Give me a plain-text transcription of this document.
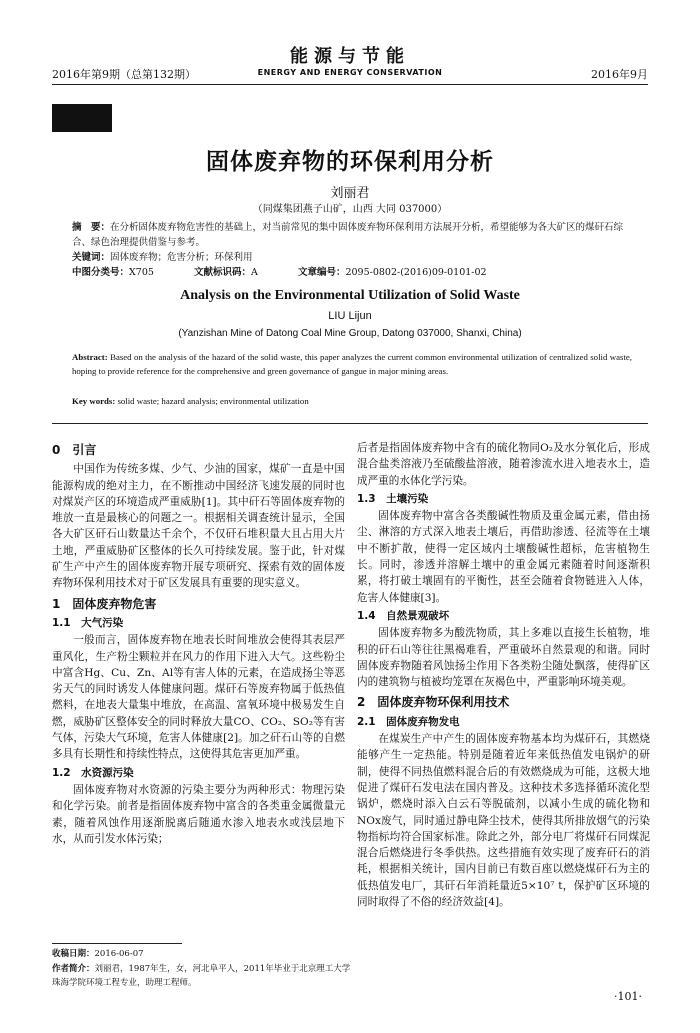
2016年第9期（总第132期）
能源与节能
ENERGY AND ENERGY CONSERVATION	2016年9月
固体废弃物的环保利用分析
刘丽君
（同煤集团燕子山矿，山西 大同 037000）
摘　要：在分析固体废弃物危害性的基础上，对当前常见的集中固体废弃物环保利用方法展开分析，希望能够为各大矿区的煤矸石综合、绿色治理提供借鉴与参考。
关键词：固体废弃物；危害分析；环保利用
中图分类号：X705	文献标识码：A	文章编号：2095-0802-(2016)09-0101-02
Analysis on the Environmental Utilization of Solid Waste
LIU Lijun
(Yanzishan Mine of Datong Coal Mine Group, Datong 037000, Shanxi, China)
Abstract: Based on the analysis of the hazard of the solid waste, this paper analyzes the current common environmental utilization of centralized solid waste, hoping to provide reference for the comprehensive and green governance of gangue in major mining areas.
Key words: solid waste; hazard analysis; environmental utilization
0　引言

中国作为传统多煤、少气、少油的国家，煤矿一直是中国能源构成的绝对主力，在不断推动中国经济飞速发展的同时也对煤炭产区的环境造成严重威胁[1]。其中矸石等固体废弃物的堆放一直是最核心的问题之一。根据相关调查统计显示，全国各大矿区矸石山数量达千余个，不仅矸石堆积量大且占用大片土地，严重威胁矿区整体的长久可持续发展。鉴于此，针对煤矿生产中产生的固体废弃物开展专项研究、探索有效的固体废弃物环保利用技术对于矿区发展具有重要的现实意义。

1　固体废弃物危害
1.1　大气污染

一般而言，固体废弃物在地表长时间堆放会使得其表层严重风化，生产粉尘颗粒并在风力的作用下进入大气。这些粉尘中富含Hg、Cu、Zn、Al等有害人体的元素，在造成扬尘等恶劣天气的同时诱发人体健康问题。煤矸石等废弃物属于低热值燃料，在地表大量集中堆放，在高温、富氧环境中极易发生自燃，威胁矿区整体安全的同时释放大量CO、CO₂、SO₂等有害气体，污染大气环境，危害人体健康[2]。加之矸石山等的自燃多具有长期性和持续性特点，这使得其危害更加严重。

1.2　水资源污染

固体废弃物对水资源的污染主要分为两种形式：物理污染和化学污染。前者是指固体废弃物中富含的各类重金属微量元素，随着风蚀作用逐渐脱离后随通水渗入地表水或浅层地下水，从而引发水体污染；

后者是指固体废弃物中含有的硫化物同O₂及水分氧化后，形成混合盐类溶液乃至硫酸盐溶液，随着渗流水进入地表水土，造成严重的水体化学污染。

1.3　土壤污染

固体废弃物中富含各类酸碱性物质及重金属元素，借由扬尘、淋溶的方式深入地表土壤后，再借助渗透、径流等在土壤中不断扩散，使得一定区域内土壤酸碱性超标，危害植物生长。同时，渗透并溶解土壤中的重金属元素随着时间逐渐积累，将打破土壤固有的平衡性，甚至会随着食物链进入人体，危害人体健康[3]。

1.4　自然景观破坏

固体废弃物多为酸洗物质，其上多难以直接生长植物，堆积的矸石山等往往黑褐难看，严重破坏自然景观的和谐。同时固体废弃物随着风蚀扬尘作用下各类粉尘随处飘落，使得矿区内的建筑物与植被均笼罩在灰褐色中，严重影响环境美观。

2　固体废弃物环保利用技术
2.1　固体废弃物发电

在煤炭生产中产生的固体废弃物基本均为煤矸石，其燃烧能够产生一定热能。特别是随着近年来低热值发电锅炉的研制，使得不同热值燃料混合后的有效燃烧成为可能，这极大地促进了煤矸石发电法在国内普及。这种技术多选择循环流化型锅炉，燃烧时添入白云石等脱硫剂，以减小生成的硫化物和NOx废气，同时通过静电降尘技术，使得其所排放烟气的污染物指标均符合国家标准。除此之外，部分电厂将煤矸石同煤泥混合后燃烧进行冬季供热。这些措施有效实现了废弃矸石的消耗，根据相关统计，国内目前已有数百座以燃烧煤矸石为主的低热值发电厂，其矸石年消耗量近5×10⁷ t，保护矿区环境的同时取得了不俗的经济效益[4]。

收稿日期：2016-06-07
作者简介：刘丽君，1987年生，女，河北阜平人，2011年毕业于北京理工大学珠海学院环境工程专业，助理工程师。
·101·
